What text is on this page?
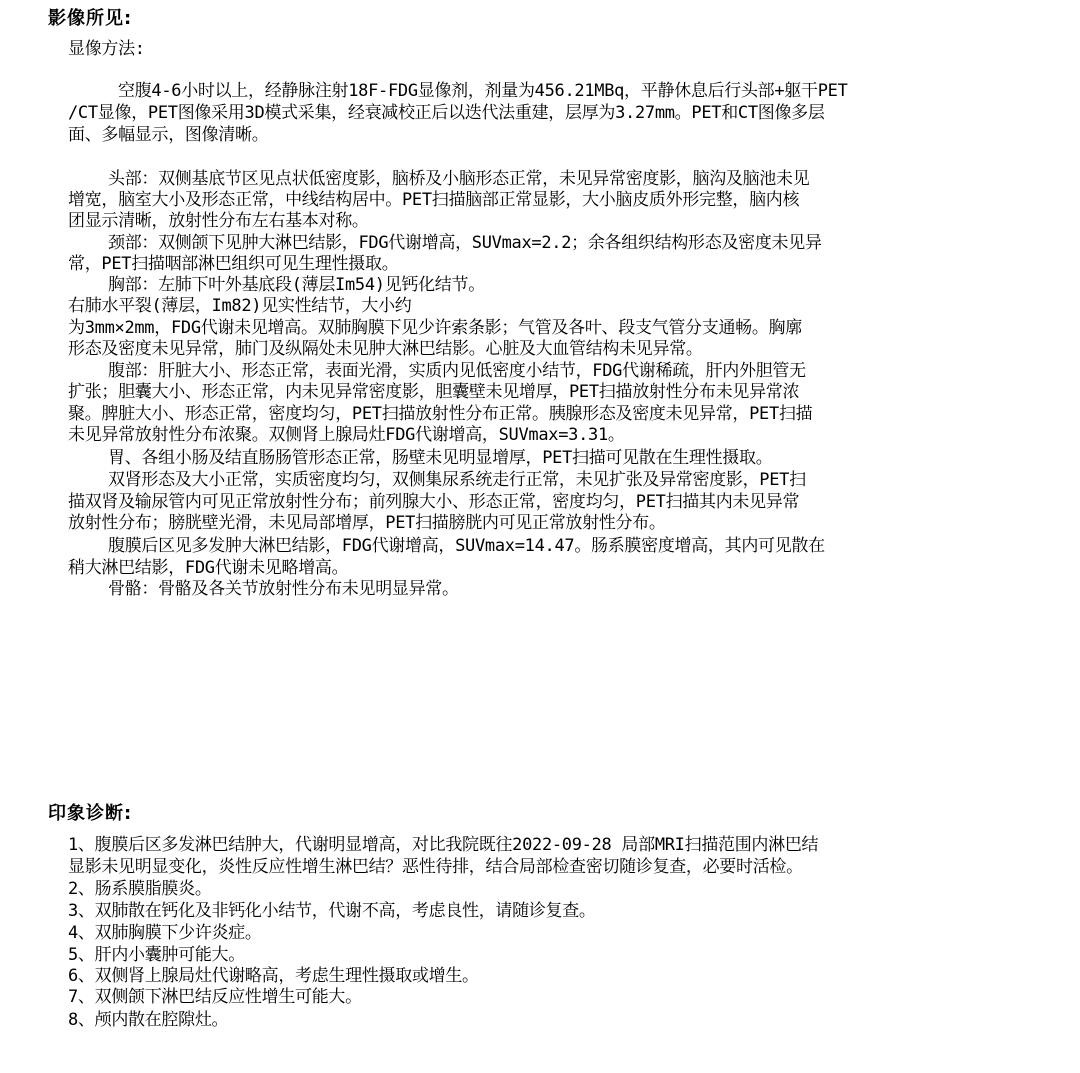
影像所见:
显像方法:
空腹4-6小时以上，经静脉注射18F-FDG显像剂，剂量为456.21MBq，平静休息后行头部+躯干PET
/CT显像，PET图像采用3D模式采集，经衰减校正后以迭代法重建，层厚为3.27mm。PET和CT图像多层
面、多幅显示，图像清晰。
头部：双侧基底节区见点状低密度影，脑桥及小脑形态正常，未见异常密度影，脑沟及脑池未见
增宽，脑室大小及形态正常，中线结构居中。PET扫描脑部正常显影，大小脑皮质外形完整，脑内核
团显示清晰，放射性分布左右基本对称。
颈部：双侧颌下见肿大淋巴结影，FDG代谢增高，SUVmax=2.2；余各组织结构形态及密度未见异
常，PET扫描咽部淋巴组织可见生理性摄取。
胸部：左肺下叶外基底段(薄层Im54)见钙化结节。
右肺水平裂(薄层，Im82)见实性结节，大小约
为3mm×2mm，FDG代谢未见增高。双肺胸膜下见少许索条影；气管及各叶、段支气管分支通畅。胸廓
形态及密度未见异常，肺门及纵隔处未见肿大淋巴结影。心脏及大血管结构未见异常。
腹部：肝脏大小、形态正常，表面光滑，实质内见低密度小结节，FDG代谢稀疏，肝内外胆管无
扩张；胆囊大小、形态正常，内未见异常密度影，胆囊壁未见增厚，PET扫描放射性分布未见异常浓
聚。脾脏大小、形态正常，密度均匀，PET扫描放射性分布正常。胰腺形态及密度未见异常，PET扫描
未见异常放射性分布浓聚。双侧肾上腺局灶FDG代谢增高，SUVmax=3.31。
胃、各组小肠及结直肠肠管形态正常，肠壁未见明显增厚，PET扫描可见散在生理性摄取。
双肾形态及大小正常，实质密度均匀，双侧集尿系统走行正常，未见扩张及异常密度影，PET扫
描双肾及输尿管内可见正常放射性分布；前列腺大小、形态正常，密度均匀，PET扫描其内未见异常
放射性分布；膀胱壁光滑，未见局部增厚，PET扫描膀胱内可见正常放射性分布。
腹膜后区见多发肿大淋巴结影，FDG代谢增高，SUVmax=14.47。肠系膜密度增高，其内可见散在
稍大淋巴结影，FDG代谢未见略增高。
骨骼：骨骼及各关节放射性分布未见明显异常。
印象诊断:
1、腹膜后区多发淋巴结肿大，代谢明显增高，对比我院既往2022-09-28 局部MRI扫描范围内淋巴结
显影未见明显变化，炎性反应性增生淋巴结？恶性待排，结合局部检查密切随诊复查，必要时活检。
2、肠系膜脂膜炎。
3、双肺散在钙化及非钙化小结节，代谢不高，考虑良性，请随诊复查。
4、双肺胸膜下少许炎症。
5、肝内小囊肿可能大。
6、双侧肾上腺局灶代谢略高，考虑生理性摄取或增生。
7、双侧颌下淋巴结反应性增生可能大。
8、颅内散在腔隙灶。
